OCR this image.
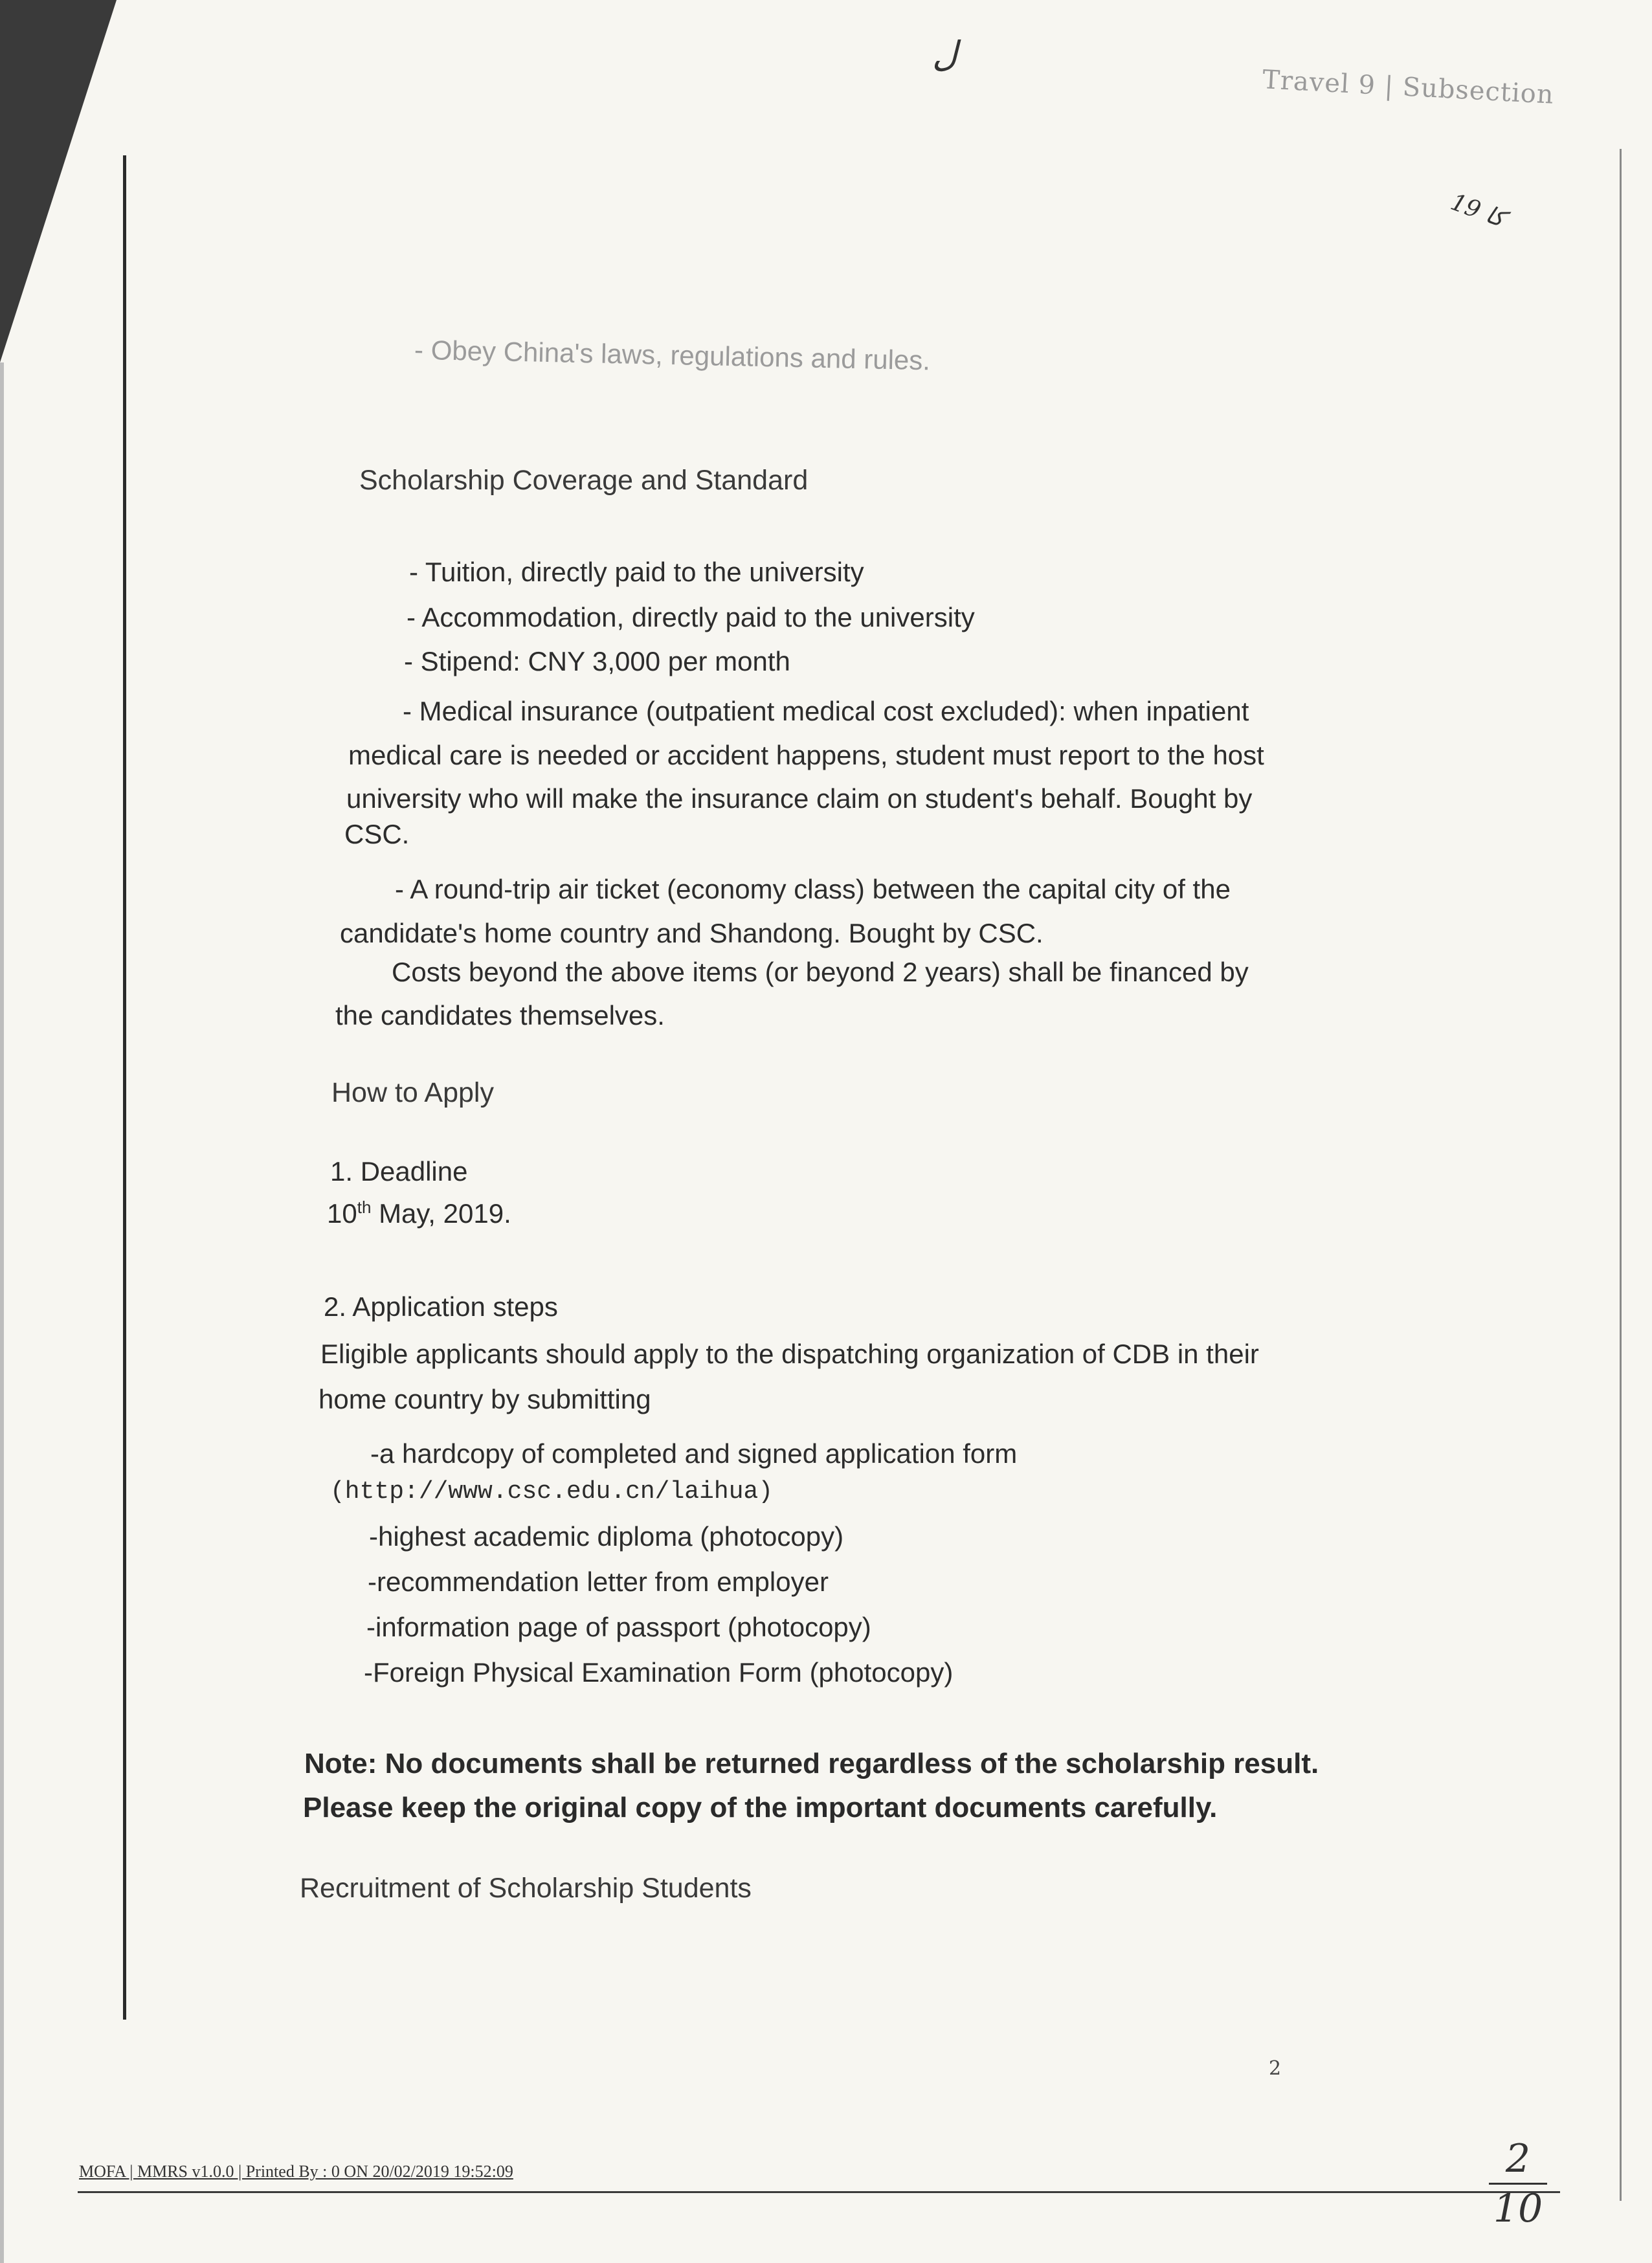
ل
19 کا
Travel 9 | Subsection
- Obey China's laws, regulations and rules.
Scholarship Coverage and Standard
- Tuition, directly paid to the university
- Accommodation, directly paid to the university
- Stipend: CNY 3,000 per month
- Medical insurance (outpatient medical cost excluded): when inpatient
medical care is needed or accident happens, student must report to the host
university who will make the insurance claim on student's behalf. Bought by
CSC.
- A round-trip air ticket (economy class) between the capital city of the
candidate's home country and Shandong. Bought by CSC.
Costs beyond the above items (or beyond 2 years) shall be financed by
the candidates themselves.
How to Apply
1. Deadline
10th May, 2019.
2. Application steps
Eligible applicants should apply to the dispatching organization of CDB in their
home country by submitting
-a hardcopy of completed and signed application form
(http://www.csc.edu.cn/laihua)
-highest academic diploma (photocopy)
-recommendation letter from employer
-information page of passport (photocopy)
-Foreign Physical Examination Form (photocopy)
Note: No documents shall be returned regardless of the scholarship result.
Please keep the original copy of the important documents carefully.
Recruitment of Scholarship Students
2
MOFA | MMRS v1.0.0 | Printed By : 0 ON 20/02/2019 19:52:09	2
10
